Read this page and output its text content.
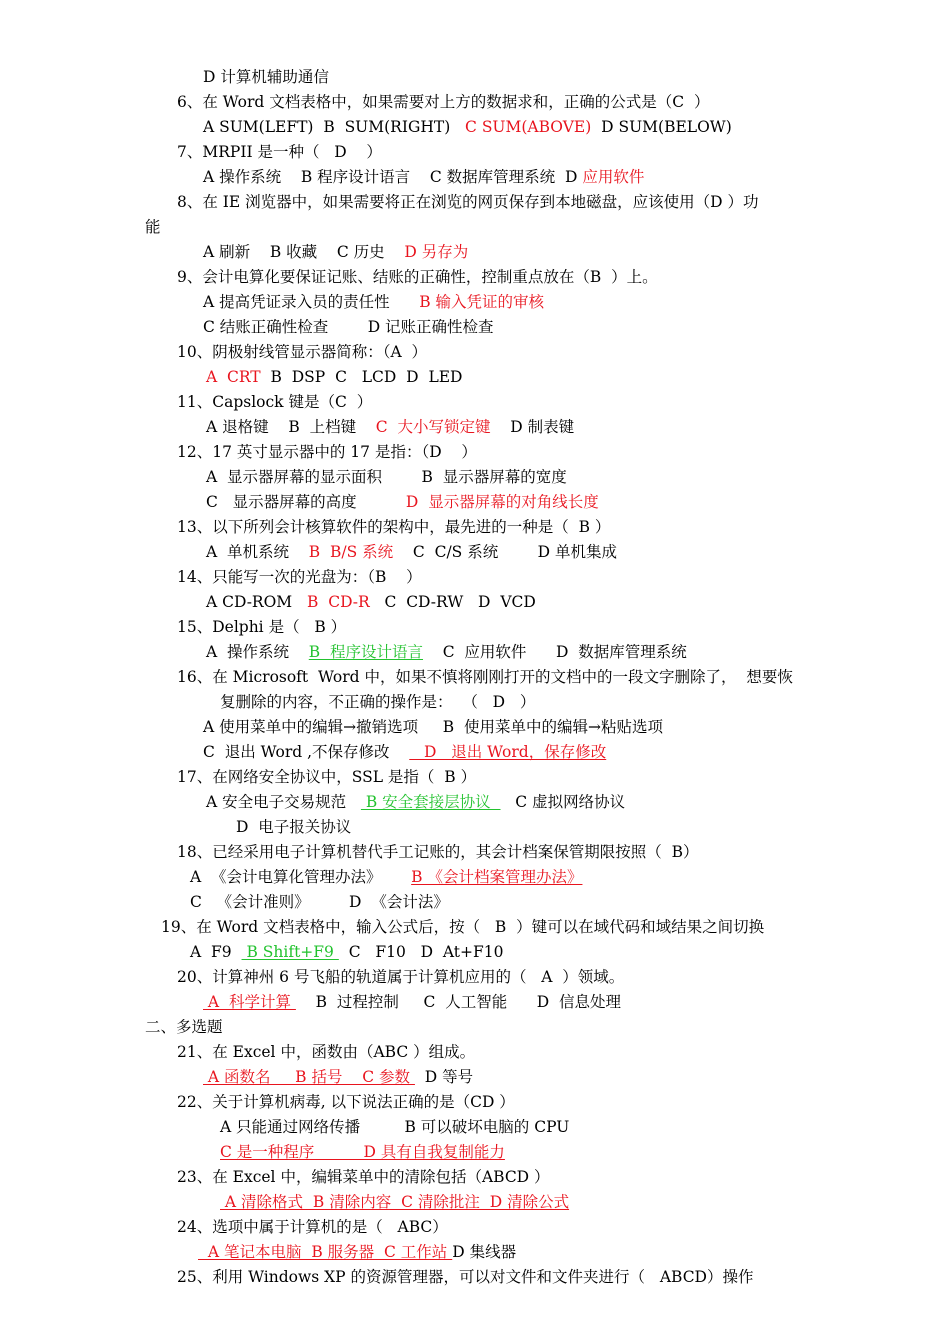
D 计算机辅助通信
6、在 Word 文档表格中，如果需要对上方的数据求和，正确的公式是（C  ）
A SUM(LEFT)  B  SUM(RIGHT)   C SUM(ABOVE)  D SUM(BELOW)
7、MRPII 是一种（   D    ）
A 操作系统    B 程序设计语言    C 数据库管理系统  D 应用软件
8、在 IE 浏览器中，如果需要将正在浏览的网页保存到本地磁盘，应该使用（D ）功
能
A 刷新    B 收藏    C 历史    D 另存为
9、会计电算化要保证记账、结账的正确性，控制重点放在（B  ）上。
A 提高凭证录入员的责任性      B 输入凭证的审核
C 结账正确性检查        D 记账正确性检查
10、阴极射线管显示器简称：（A  ）
A  CRT  B  DSP  C   LCD  D  LED
11、Capslock 键是（C  ）
A 退格键    B  上档键    C  大小写锁定键    D 制表键
12、17 英寸显示器中的 17 是指：（D    ）
A  显示器屏幕的显示面积        B  显示器屏幕的宽度
C   显示器屏幕的高度          D  显示器屏幕的对角线长度
13、以下所列会计核算软件的架构中，最先进的一种是（  B ）
A  单机系统    B  B/S 系统    C  C/S 系统        D 单机集成
14、只能写一次的光盘为：（B    ）
A CD-ROM   B  CD-R   C  CD-RW   D  VCD
15、Delphi 是（   B ）
A  操作系统    B  程序设计语言    C  应用软件      D  数据库管理系统
16、在 Microsoft  Word 中，如果不慎将刚刚打开的文档中的一段文字删除了，  想要恢
复删除的内容，不正确的操作是：  （   D   ）
A 使用菜单中的编辑→撤销选项     B  使用菜单中的编辑→粘贴选项
C  退出 Word ,不保存修改       D   退出 Word，保存修改
17、在网络安全协议中，SSL 是指（  B ）
A 安全电子交易规范    B 安全套接层协议     C 虚拟网络协议
D  电子报关协议
18、已经采用电子计算机替代手工记账的，其会计档案保管期限按照（  B）
A  《会计电算化管理办法》      B 《会计档案管理办法》
C   《会计准则》        D  《会计法》
19、在 Word 文档表格中，输入公式后，按（   B  ）键可以在域代码和域结果之间切换
A  F9   B Shift+F9   C   F10   D  At+F10
20、计算神州 6 号飞船的轨道属于计算机应用的（   A  ）领域。
A  科学计算     B  过程控制     C  人工智能      D  信息处理
二、多选题
21、在 Excel 中，函数由（ABC ）组成。
A 函数名     B 括号    C 参数   D 等号
22、关于计算机病毒, 以下说法正确的是（CD ）
A 只能通过网络传播         B 可以破坏电脑的 CPU
C 是一种程序          D 具有自我复制能力
23、在 Excel 中，编辑菜单中的清除包括（ABCD ）
A 清除格式  B 清除内容  C 清除批注  D 清除公式
24、选项中属于计算机的是（   ABC）
A 笔记本电脑  B 服务器  C 工作站 D 集线器
25、利用 Windows XP 的资源管理器，可以对文件和文件夹进行（   ABCD）操作
